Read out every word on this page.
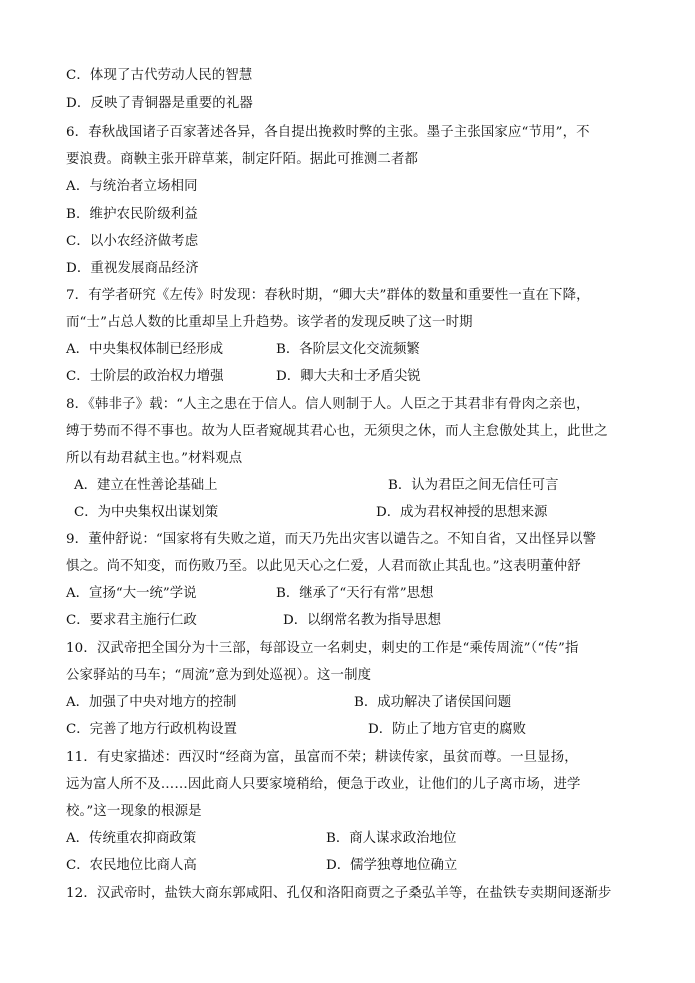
C．体现了古代劳动人民的智慧
D．反映了青铜器是重要的礼器
6．春秋战国诸子百家著述各异，各自提出挽救时弊的主张。墨子主张国家应“节用”，不
要浪费。商鞅主张开辟草莱，制定阡陌。据此可推测二者都
A．与统治者立场相同
B．维护农民阶级利益
C．以小农经济做考虑
D．重视发展商品经济
7．有学者研究《左传》时发现：春秋时期，“卿大夫”群体的数量和重要性一直在下降，
而“士”占总人数的比重却呈上升趋势。该学者的发现反映了这一时期
A．中央集权体制已经形成	B．各阶层文化交流频繁
C．士阶层的政治权力增强	D．卿大夫和士矛盾尖锐
8．《韩非子》载：“人主之患在于信人。信人则制于人。人臣之于其君非有骨肉之亲也，
缚于势而不得不事也。故为人臣者窥觇其君心也，无须臾之休，而人主怠傲处其上，此世之
所以有劫君弑主也。”材料观点
A．建立在性善论基础上	B．认为君臣之间无信任可言
C．为中央集权出谋划策	D．成为君权神授的思想来源
9．董仲舒说：“国家将有失败之道，而天乃先出灾害以谴告之。不知自省，又出怪异以警
惧之。尚不知变，而伤败乃至。以此见天心之仁爱，人君而欲止其乱也。”这表明董仲舒
A．宣扬“大一统”学说	B．继承了“天行有常”思想
C．要求君主施行仁政	D．以纲常名教为指导思想
10．汉武帝把全国分为十三部，每部设立一名刺史，刺史的工作是“乘传周流”（“传”指
公家驿站的马车；“周流”意为到处巡视）。这一制度
A．加强了中央对地方的控制	B．成功解决了诸侯国问题
C．完善了地方行政机构设置	D．防止了地方官吏的腐败
11．有史家描述：西汉时“经商为富，虽富而不荣；耕读传家，虽贫而尊。一旦显扬，
远为富人所不及……因此商人只要家境稍给，便急于改业，让他们的儿子离市场，进学
校。”这一现象的根源是
A．传统重农抑商政策	B．商人谋求政治地位
C．农民地位比商人高	D．儒学独尊地位确立
12．汉武帝时，盐铁大商东郭咸阳、孔仅和洛阳商贾之子桑弘羊等，在盐铁专卖期间逐渐步
